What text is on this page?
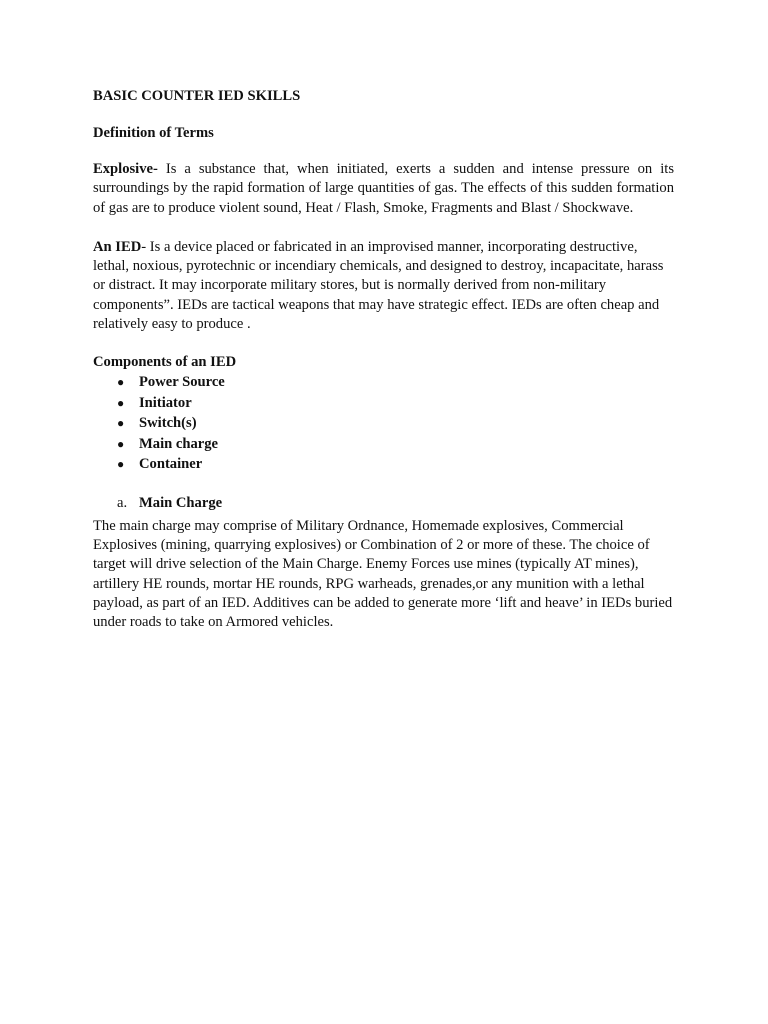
BASIC COUNTER IED SKILLS

Definition of Terms

Explosive- Is a substance that, when initiated, exerts a sudden and intense pressure on its surroundings by the rapid formation of large quantities of gas. The effects of this sudden formation of gas are to produce violent sound, Heat / Flash, Smoke, Fragments and Blast / Shockwave.

An IED- Is a device placed or fabricated in an improvised manner, incorporating destructive, lethal, noxious, pyrotechnic or incendiary chemicals, and designed to destroy, incapacitate, harass or distract. It may incorporate military stores, but is normally derived from non-military components”. IEDs are tactical weapons that may have strategic effect. IEDs are often cheap and relatively easy to produce .

Components of an IED

● Power Source
● Initiator
● Switch(s)
● Main charge
● Container
a. Main Charge

The main charge may comprise of Military Ordnance, Homemade explosives, Commercial Explosives (mining, quarrying explosives) or Combination of 2 or more of these. The choice of target will drive selection of the Main Charge. Enemy Forces use mines (typically AT mines), artillery HE rounds, mortar HE rounds, RPG warheads, grenades,or any munition with a lethal payload, as part of an IED. Additives can be added to generate more ‘lift and heave’ in IEDs buried under roads to take on Armored vehicles.
